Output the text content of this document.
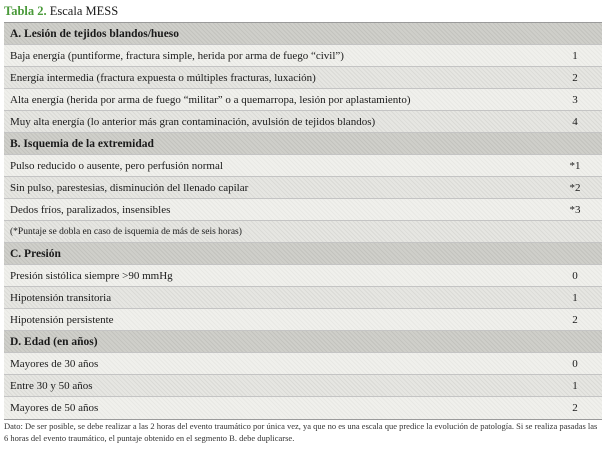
Tabla 2. Escala MESS
A. Lesión de tejidos blandos/hueso
Baja energía (puntiforme, fractura simple, herida por arma de fuego “civil”)	1
Energía intermedia (fractura expuesta o múltiples fracturas, luxación)	2
Alta energía (herida por arma de fuego “militar” o a quemarropa, lesión por aplastamiento)	3
Muy alta energía (lo anterior más gran contaminación, avulsión de tejidos blandos)	4
B. Isquemia de la extremidad
Pulso reducido o ausente, pero perfusión normal	*1
Sin pulso, parestesias, disminución del llenado capilar	*2
Dedos fríos, paralizados, insensibles	*3
(*Puntaje se dobla en caso de isquemia de más de seis horas)
C. Presión
Presión sistólica siempre >90 mmHg	0
Hipotensión transitoria	1
Hipotensión persistente	2
D. Edad (en años)
Mayores de 30 años	0
Entre 30 y 50 años	1
Mayores de 50 años	2
Dato: De ser posible, se debe realizar a las 2 horas del evento traumático por única vez, ya que no es una escala que predice la evolución de patología. Si se realiza pasadas las 6 horas del evento traumático, el puntaje obtenido en el segmento B. debe duplicarse.
